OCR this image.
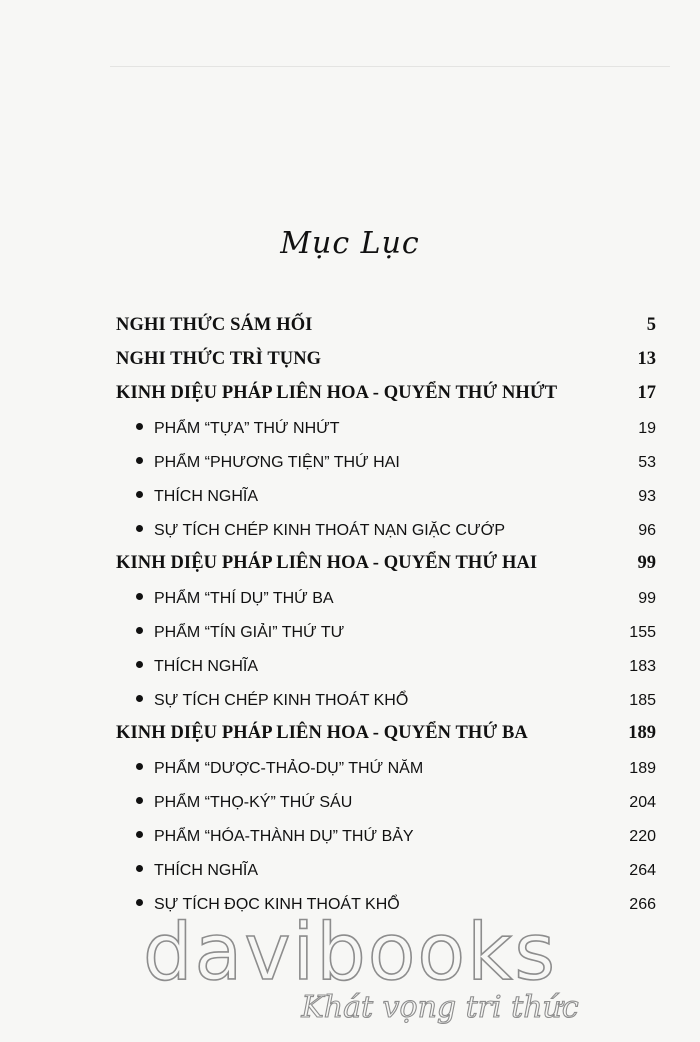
Mục Lục
NGHI THỨC SÁM HỐI	5
NGHI THỨC TRÌ TỤNG	13
KINH DIỆU PHÁP LIÊN HOA - QUYỂN THỨ NHỨT	17
PHẨM “TỰA” THỨ NHỨT	19
PHẨM “PHƯƠNG TIỆN” THỨ HAI	53
THÍCH NGHĨA	93
SỰ TÍCH CHÉP KINH THOÁT NẠN GIẶC CƯỚP	96
KINH DIỆU PHÁP LIÊN HOA - QUYỂN THỨ HAI	99
PHẨM “THÍ DỤ” THỨ BA	99
PHẨM “TÍN GIẢI” THỨ TƯ	155
THÍCH NGHĨA	183
SỰ TÍCH CHÉP KINH THOÁT KHỔ	185
KINH DIỆU PHÁP LIÊN HOA - QUYỂN THỨ BA	189
PHẨM “DƯỢC-THẢO-DỤ” THỨ NĂM	189
PHẨM “THỌ-KÝ” THỨ SÁU	204
PHẨM “HÓA-THÀNH DỤ” THỨ BẢY	220
THÍCH NGHĨA	264
SỰ TÍCH ĐỌC KINH THOÁT KHỔ	266
davibooks
Khát vọng tri thức
